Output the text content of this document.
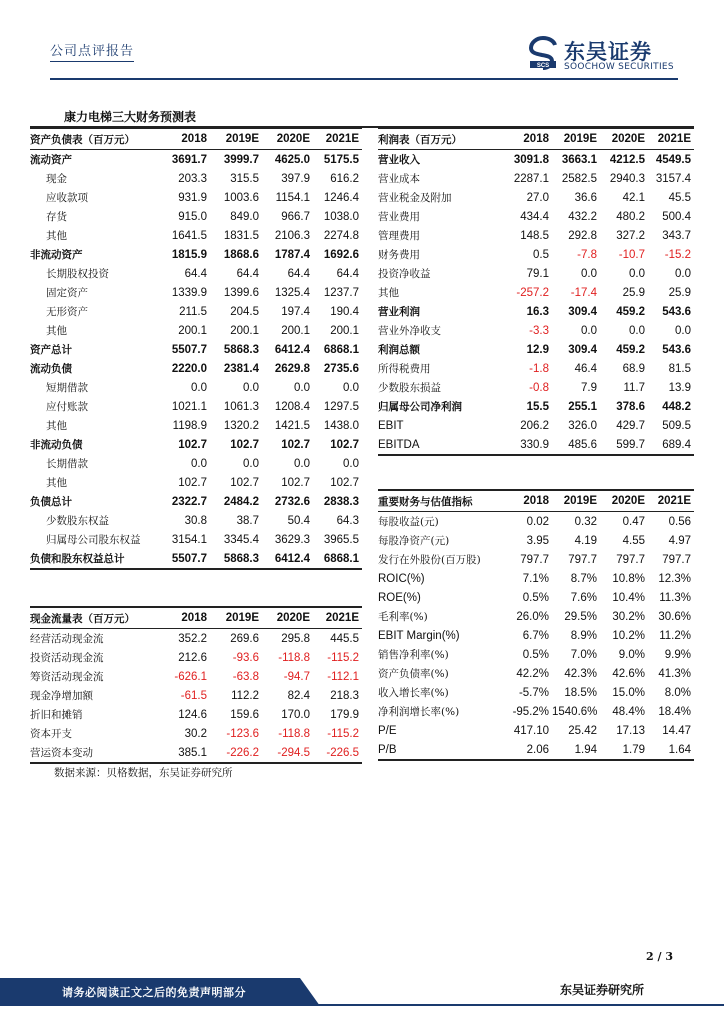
公司点评报告
SCS
东吴证券
SOOCHOW SECURITIES
康力电梯三大财务预测表
资产负债表（百万元）	2018	2019E	2020E	2021E
流动资产	3691.7	3999.7	4625.0	5175.5
现金	203.3	315.5	397.9	616.2
应收款项	931.9	1003.6	1154.1	1246.4
存货	915.0	849.0	966.7	1038.0
其他	1641.5	1831.5	2106.3	2274.8
非流动资产	1815.9	1868.6	1787.4	1692.6
长期股权投资	64.4	64.4	64.4	64.4
固定资产	1339.9	1399.6	1325.4	1237.7
无形资产	211.5	204.5	197.4	190.4
其他	200.1	200.1	200.1	200.1
资产总计	5507.7	5868.3	6412.4	6868.1
流动负债	2220.0	2381.4	2629.8	2735.6
短期借款	0.0	0.0	0.0	0.0
应付账款	1021.1	1061.3	1208.4	1297.5
其他	1198.9	1320.2	1421.5	1438.0
非流动负债	102.7	102.7	102.7	102.7
长期借款	0.0	0.0	0.0	0.0
其他	102.7	102.7	102.7	102.7
负债总计	2322.7	2484.2	2732.6	2838.3
少数股东权益	30.8	38.7	50.4	64.3
归属母公司股东权益	3154.1	3345.4	3629.3	3965.5
负债和股东权益总计	5507.7	5868.3	6412.4	6868.1
利润表（百万元）	2018	2019E	2020E	2021E
营业收入	3091.8	3663.1	4212.5	4549.5
营业成本	2287.1	2582.5	2940.3	3157.4
营业税金及附加	27.0	36.6	42.1	45.5
营业费用	434.4	432.2	480.2	500.4
管理费用	148.5	292.8	327.2	343.7
财务费用	0.5	-7.8	-10.7	-15.2
投资净收益	79.1	0.0	0.0	0.0
其他	-257.2	-17.4	25.9	25.9
营业利润	16.3	309.4	459.2	543.6
营业外净收支	-3.3	0.0	0.0	0.0
利润总额	12.9	309.4	459.2	543.6
所得税费用	-1.8	46.4	68.9	81.5
少数股东损益	-0.8	7.9	11.7	13.9
归属母公司净利润	15.5	255.1	378.6	448.2
EBIT	206.2	326.0	429.7	509.5
EBITDA	330.9	485.6	599.7	689.4
重要财务与估值指标	2018	2019E	2020E	2021E
每股收益(元)	0.02	0.32	0.47	0.56
每股净资产(元)	3.95	4.19	4.55	4.97
发行在外股份(百万股)	797.7	797.7	797.7	797.7
ROIC(%)	7.1%	8.7%	10.8%	12.3%
ROE(%)	0.5%	7.6%	10.4%	11.3%
毛利率(%)	26.0%	29.5%	30.2%	30.6%
EBIT Margin(%)	6.7%	8.9%	10.2%	11.2%
销售净利率(%)	0.5%	7.0%	9.0%	9.9%
资产负债率(%)	42.2%	42.3%	42.6%	41.3%
收入增长率(%)	-5.7%	18.5%	15.0%	8.0%
净利润增长率(%)	-95.2%	1540.6%	48.4%	18.4%
P/E	417.10	25.42	17.13	14.47
P/B	2.06	1.94	1.79	1.64
现金流量表（百万元）	2018	2019E	2020E	2021E
经营活动现金流	352.2	269.6	295.8	445.5
投资活动现金流	212.6	-93.6	-118.8	-115.2
筹资活动现金流	-626.1	-63.8	-94.7	-112.1
现金净增加额	-61.5	112.2	82.4	218.3
折旧和摊销	124.6	159.6	170.0	179.9
资本开支	30.2	-123.6	-118.8	-115.2
营运资本变动	385.1	-226.2	-294.5	-226.5
数据来源：贝格数据，东吴证券研究所
2 / 3
请务必阅读正文之后的免责声明部分	东吴证券研究所
